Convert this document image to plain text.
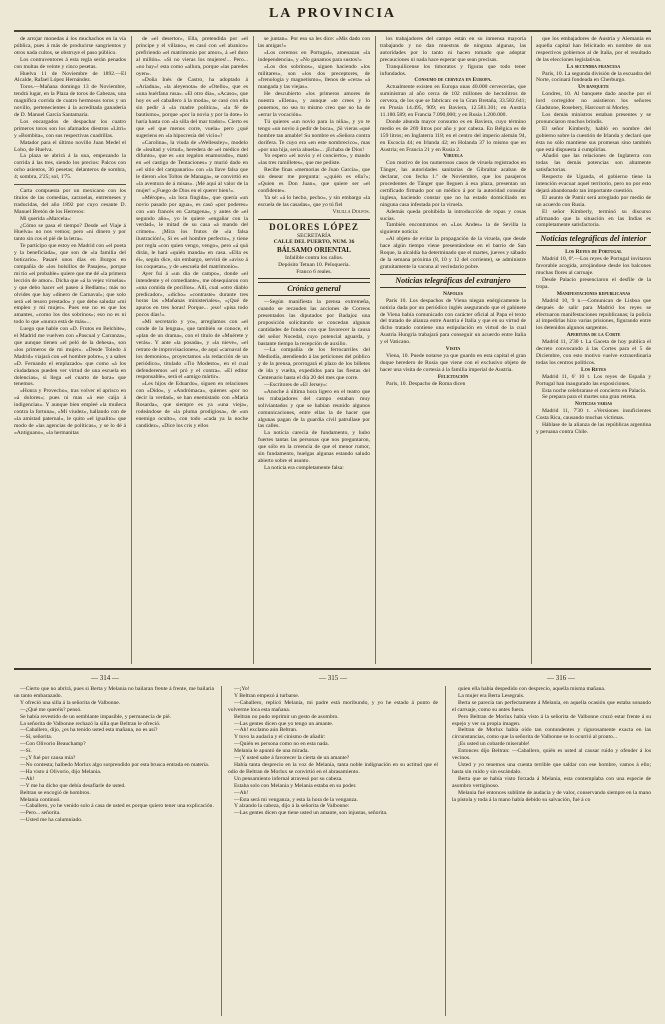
LA PROVINCIA

de arrojar monedas á los muchachos en la vía pública, pues á más de producirse sangrientos y otros nada cultos, se obstruye el paso público.

Los contraventores á esta regla serán penados con multas de veinte y cinco pesetas.

Huelva 11 de Noviembre de 1892.—El Alcalde, Rafael López Hernández.

Toros.—Mañana domingo 13 de Noviembre, tendrá lugar, en la Plaza de toros de Cabezas, una magnífica corrida de cuatro hermosos toros y un novillo, pertenecientes á la acreditada ganadería de D. Manuel García Santamaría.

Los encargados de despachar los cuatro primeros toros son los afamados diestros «Litri» y «Bombita», con sus respectivas cuadrillas.

Matador para el último novillo Juan Medel el Lobo, de Huelva.

La plaza se abrirá á la una, empezando la corrida á las tres, siendo los precios: Palcos con ocho asientos, 36 pesetas; delanteros de sombra, 4; sombra, 2'25; sol, 1'75.

Carta compuesta por un mexicano con los títulos de las comedias, zarzuelas, entremeses y traducidas, del año 1892 por cuyo cesante D. Manuel Bretón de los Herreros:

Mi querida «Marcela»:

¿Cómo se pasa el tiempo? Desde «el Viaje á Huelva» no nos vemos; pero «ni dinero y por tanto sin cos el pié de la letra».

Te participo que estoy en Madrid con «el poeta y la beneficiada», que son de «la familia del boticario». Pasaré unos días en Burgos en compañía de «los bolsillos de Pasajes», porque mi tío «el probable» quiere que me dé «la primera lección de amor». Dicha que «á la vejez viruelas» y que debo hacer «el paseo á Bedlam»; más no olvides que hay «dinero de Carnaval»; que solo será «el tesoro prestado» y que debo saludar «mi empleo y mi mujer». Pues ese no es que los amantes, «como los dos sobrinos»; eso no es ni todo lo que «nunca está de más»...

Luego que hable con «D. Frutos en Belchite», el Madrid me vuelven con «Pascual y Carranza», que aunque tienen «el peló de la dehesa», son «los primeros de mi mujer». «Desde Toledo á Madrid» viajará con «el hombre pobre», y a sabes «D. Fernando el emplazado» que como «á los ciudadanos pueden ver virtud de una escuela en dolencias», si llega «el cuarto de hora» que tenemos.

«Honra y Provecho», tras volver el aprisco en «á dolores»; pues ni mas «á ese caija á indigencias». Y aunque bien empleé «la muñeca contra la fortuna», «Mi viudez», hallando con de «la amistad paternal», le quito «el igualito» que modo de «las agencias de políticas», y se lo dé á «Antiguano», «la hermanitas

de «el desertor», Ella, pretendida por «el príncipe y el villano», es casó con «el abanico» prefiriendo «el matrimonio por amor», á «el duro al millón». «Si no vieras los mujeres!... Pero... «no hay»! esta como «allura, porque «las paredes oyen».

«Doña Inés de Castro, ha adoptado á «Ariadna», «la aleyenota» de «Otello», que es «una huérfana rusa». «El otro día», «Acaso», que hoy es «el caballero á la moda», se casó con ella sin pedir á «la madre política», «la fé de bautismo», porque «por la novia y por la dote» lo haría hasta con «la silla del mar trador». Cierto es que «el que menos corre, vuela» pero ¿qué sugeriens en «la hipocresía del vicio»?

«Carolina», la viuda de «Wellessley», modelo de «lealtad y virtud», heredera de «el médico del difunto», que es «un regalon enamorado», mató en «el castigo de Tentaciones» y murió dado en «el sitio del campanario» con «la llave falsa que le dieron «los Toltos de Managa», se convirtió en «la aventura de á misas». ¡Mé aquí al valor de la mujer! «¡Fuego de Dios en el querer bien!».

«Mérope», «la loca fingida», que quería «un novio pasado por agua», es casó «por poderes» con «un francés en Cartagena», y antes de «el segundo año», yo le quiere «engañar con la verdad», le mitad de su casa «á mando del crimen». ¡Mira los frutos de «la falsa ilustración!», Si es «el hombre perfecto», y tiene por regla «con quien vengo, vengo», pero «á quá dirán, le hará «quién manda» en casa. «Ella es él», según dice, sin embargo, servirá de «aviso á los coquetas», y de «escuela del matrimonio».

Ayer fuí á «un día de campo», donde «el intendente y el comediante», me obsequiaron con «una comida de pocillos». Allí, cual «otro diablo predicador», «dicho» «contraste» durante tres horas las «Mañanas ministeriales», «¡Qué de apuros en tres horas! Porque... ¡eso! «pisa todo pocos días!».

«Mi secretario y yo», arreglamos con «el conde de la lengua», que también se conoce, el «plan de un drama», con el título de «Muérete y verás». Y ante «la posada», y «la nieve», «el retrato de improvisaciones», de aquí «carnaval de los demonios», proyectamos «la redacción de un periódico», titulado «Tio Modesto», en el cual defenderemos «el pró y el contra». «El editor responsable», será el «amigo mártir».

«Les hijos de Eduardo», siguen en relaciones con «Dido», y «Andrómaca», quienes «por no decir la verdad», se han enemistado con «María Rosarda», que siempre es ya «una vieja», rodeándose de «la pluma prodigiosa», de «un enemigo oculto», con todo «cada ya la noche candidez», «Dice los cris y ellos

se juntan». Por eso sa les dice: «Mis dado con las amigas!»

«Los ceremos en Portugal», amenazan «la independencia», y «No ganamos para sustos!»

«Los dos sobrinos», siguen haciendo «los militares», son «los dos preceptores, de «frenología y magnetismo», llenos de «cera» «á mangada y las viejas».

He descubierto «los primeros amores de nuestra «Elena», y aunque «te crees y lo ponemos, no sea tu mismo creo que no ha de «errar la vocación».

Tú quieres «un novio para la niña», y yo te tengo «un novio á pedir de boca», ¡Si vieras «qué hombre tan amable! Su nombre es «Señora contra dorifera. Te cuyo era «en este nombrecico», mas «por una hija, sería abuela»... ¡Echaba de Dios!

Yo espero «el novio y el concierto», y mando «las tres ramilletes», que me pediste.

Recibe finas «memorias de Juan García», que sin desear me pregunta: «¿quién es ella?»; «Quien es Don Juan», que quiere ser «el confidente».

Ya sé: «á lo hecho, pecho», y sin embargo «la escuela de las casadas», que yo tú fiel

Velilla Dolfos.

DOLORES LÓPEZ

SECRETARÍA

CALLE DEL PUERTO, NUM. 36

BÁLSAMO ORIENTAL

Infalible contra los callos.

Depósito Tetuan 10. Peluquería.

Franco 6 reales.

Crónica general

—Según manifiesta la prensa extremeña, cuando se recauden las acciones de Correos presentados las diputados por Badajoz una proposición solicitando se concedan algunas cantidades de fondos con que favorecer la causa del señor Nocedal, cuyo potencial aguarda, y bastante tiempo la recepción de auxilio.

—La compañía de los ferrocarriles del Mediodía, atendiendo á las peticiones del público y de la prensa, prorrogará el plazo de los billetes de ida y vuelta, expedidos para las fiestas del Centenario hasta el día 20 del mes que corre.

—Escritores de «El Jersey»:

«Anoche á última hora ligero en el teatro que les trabajadores del campo estaban muy soliviantados y que se habían reunido algunos comunicaciones, entre ellas la de hacer que algunas pagan de la guardia civil patrullase por las calles.

La noticia carecía de fundamento, y hubo fuertes tantas las personas que nos preguntaron, que sólo en la creencia de que el menor rumor, sin fundamento, huelgas algunas estando saludo abierto sobre el asunto.

La noticia era completamente falsa:

los trabajadores del campo están en su inmensa mayoría trabajando y no dan muestras de ninguna algunas, las autoridades por lo tanto ni hacen tomado que adoptar precauciones ni nada hace esperar que sean precisas.

Tranquilícense los timoratos y figuras que todo tener infundados.

Consumo de cerveza en Europa.

Actualmente existen en Europa unas 40.000 cervecerías, que suministran al año cerca de 102 millones de hectolitros de cerveza, de los que se fabrican: en la Gran Bretaña, 33.582.641; en Prusia 14.495, 909; en Baviera, 12.581.301; en Austria 11.180.589; en Francia 7.090,000; y en Rusia 1.200.000.

Donde abunda mayor consumo es en Baviera, cuyo término medio es de 269 litros por año y por cabeza. En Bélgica es de 159 litros; en Inglaterra 118; en el centro del imperio alemán 94, en Escocia 44; en Irlanda 42; en Holanda 37 lo mismo que en Austria; en Francia 21 y en Rusia 2.

Viruela

Con motivo de los numerosos casos de viruela registrados en Tánger, las autoridades sanitarias de Gibraltar acaban de declarar, con fecha 1.º de Noviembre, que los pasajeros procedentes de Tánger que lleguen á esa plaza, presentan un certificado firmado por un médico á por la autoridad consular inglesa, haciendo constar que no ha estado domiciliado en ninguna casa infestada por la viruela.

Además queda prohibida la introducción de ropas y cosas sucias.

También encontramos en «Los Andes» la de Sevilla la siguiente noticia:

«Al objeto de evitar la propagación de la viruela, que desde hace algún tiempo viene presentándose en el barrio de San Roque, la alcaldía ha determinado que el martes, jueves y sábado de la semana próxima (8, 10 y 12 del corriente), se administre gratuitamente la vacuna al vecindario pobre.

Noticias telegráficas del extranjero

Nápoles

París 10. Los despachos de Viena niegan enérgicamente la noticia dada por un periódico inglés asegurando que el gabinete de Viena había comunicado con carácter oficial al Papa el texto del tratado de alianza entre Austria é Italia y que en su virtud de dicho tratado contiene una estipulación en virtud de la cual Austria Hungría trabajará para conseguir un acuerdo entre Italia y el Vaticano.

Visita

Viena, 10. Puede notarse ya que guardo en esta capital el gran duque heredero de Rusia que viene con el exclusivo objeto de hacer una visita de cortesía á la familia imperial de Austria.

Felicitación

París, 10. Despacho de Roma dicen

que los embajadores de Austria y Alemania en aquella capital han felicitado en nombre de sus respectivos gobiernos al de Italia, por el resultado de las elecciones legislativas.

La secundra francesa

París, 10. La segunda división de la escuadra del Norte, cocinará fondeada en Cherburgo.

Un banquete

Londres, 10. Al banquete dado anoche por el lord corregidor no asistieron los señores Gladstone, Rosebery, Harcourt ni Morley.

Los demás ministros estaban presentes y se pronunciaron muchos brindis.

El señor Kimberly, habló en nombre del gobierno sobre la cuestión de Irlanda y declaró que ésta no sólo mantiene sus promesas sino también que está dispuesta á cumplirlas.

Añadió que las relaciones de Inglaterra con todas las demás potencias son altamente satisfactorias.

Respecto de Uganda, el gobierno tiene la intención evacuar aquel territorio, pero no por esto dejará abandonado tan importante cuestión.

El asunto de Pamir será arreglado por medio de un acuerdo con Rusia.

El señor Kimberly, terminó su discurso afirmando que la situación en las Indias es completamente satisfactoria.

Noticias telegráficas del interior

Los Reyes de Portugal

Madrid 10, 6ª.—Los reyes de Portugal invitaron favorable acogida, arrojándose desde los balcones muchas flores al carruaje.

Desde Palacio presenciaron el desfile de la tropa.

Manifestaciones republicanas

Madrid 10, 9 n.—Comunican de Lisboa que después de salir para Madrid los reyes se efectuaron manifestaciones republicanas; la policía al impedirlas hizo varias prisiones, figurando entre los detenidos algunos sargentos.

Apertura de la Corte

Madrid 11, 2'30 t. La Gaceta de hoy publica el decreto convocando á las Cortes para el 5 de Diciembre, con esto motivo vuelve extraordinaria todas los centros políticos.

Los Reyes

Madrid 11, 6' 10 t. Los reyes de España y Portugal han inaugurado las exposiciones.

Esta noche celebrarase el concierto en Palacio.

Se prepara para el martes una gran retreta.

Noticias varias

Madrid 11, 7'30 t. «Versiones insuficientes Costa Rica, causando muchas víctimas.

Háblase de la alianza de las repúblicas argentina y peruana contra Chile.

— 314 —	— 315 —	— 316 —

—Cierto que no abrirá, pues si Berta y Melania no bailaran frente á frente, me bailaría un tanto embarazado.

Y ofreció una silla á la señorita de Valbonne.

—¿Qué me queréis? pensó.

Se había revestido de un semblante impasible, y permanecía de pié.

La señorita de Valbonne rechazó la silla que Beltran le ofreció.

—Caballero, dijo, ¿es ha tenido usted esta mañana, no es así?

—Sí, señorita.

—Con Olivorio Beauchamp?

—Sí.

—¿Y fué por causa mía?

—No contesta; halbedo Morlux algo sorprendido por esta brusca entrada en materia.

—Ha visto á Olivorio, dijo Melania.

—Ah!

—Y me ha dicho que debía desafiarle de usted.

Beltran se encogió de hombros.

Melania continuó.

—Caballero, yo he venido solo á casa de usted es porque quiero tener una explicación.

—Pero... señorita.

—Usted me ha calumniado.

—¡Yo!

Y Beltran empezó á turbarse.

—Caballero, replicó Melania, mi padre está moribundo, y yo he estado á punto de volverme loca esta mañana.

Beltran no pudo reprimir un gesto de asombro.

—Las gentes dicen que yo tengo un amante.

—Ah! exclamo aún Beltran.

Y tuvo la audacia y el cinismo de añadir:

—Quién es persona como no en esta nada.

Melania le apuntó de una mirada.

—¡Y usted sabe á favorecer la cierta de un amante?

Había tanta desprecio en la voz de Melania, tanta noble indignación en su actitud que el odio de Beltran de Morlux se convirtió en el abrasamiento.

Un pensamiento infernal atravesó por su cabeza.

Estaba solo con Melania y Melania estaba en su poder.

—Ah!

—Esta será mi venganza, y esta la hora de la venganza.

Y alzando la cabeza, dijo á la señorita de Valbonne:

—Las gentes dicen que tiene usted un amante, son injustas, señorita.

quien ella había despedido con desprecio, aquella misma mañana.

La mujer era Berta Lesegrais.

Berta se parecía tan perfectamente á Melania, en aquella ocasión que estaba sonando el carruaje, como su antes fuera.

Pero Beltran de Morlux había visto á la señorita de Valbonne cruzó estar frente á su espejo y ver su propia imagen.

Beltran de Morlux había oído tan contundentes y rigurosamente exacta en las circunstancias, como que la señorita de Valbonne se lo ocurrió al pronto...

¡Es usted un cobarde miserable!

Entonces dijo Beltran: —Caballero, quién es usted al causar ruido y ofender á los vecinos.

Usted y yo tenemos una cuenta terrible que saldar con ese hombre, vamos á ello; hasta sin ruido y sin escándalo.

Berta que se había visto forzada á Melania, esta contemplaba con una especie de asombro vertiginoso.

Melania fué entonces sublime de audacia y de valor, conservando siempre en la mano la pistola y toda á la mano había debido su salvación, fué á co
